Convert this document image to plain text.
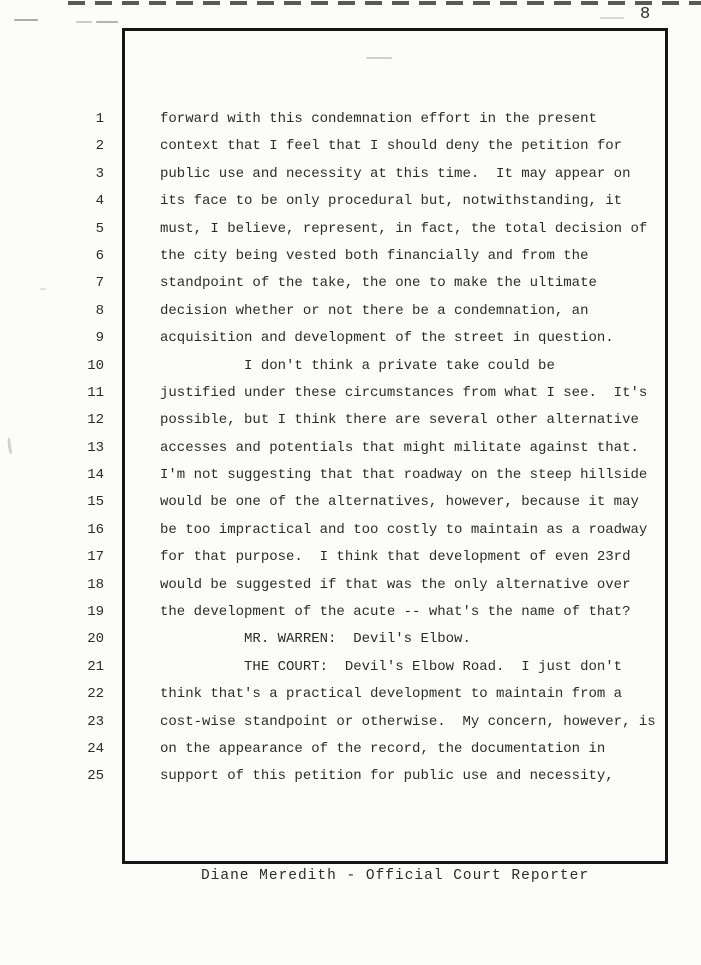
8
1	forward with this condemnation effort in the present
2	context that I feel that I should deny the petition for
3	public use and necessity at this time.  It may appear on
4	its face to be only procedural but, notwithstanding, it
5	must, I believe, represent, in fact, the total decision of
6	the city being vested both financially and from the
7	standpoint of the take, the one to make the ultimate
8	decision whether or not there be a condemnation, an
9	acquisition and development of the street in question.
10	I don't think a private take could be
11	justified under these circumstances from what I see.  It's
12	possible, but I think there are several other alternative
13	accesses and potentials that might militate against that.
14	I'm not suggesting that that roadway on the steep hillside
15	would be one of the alternatives, however, because it may
16	be too impractical and too costly to maintain as a roadway
17	for that purpose.  I think that development of even 23rd
18	would be suggested if that was the only alternative over
19	the development of the acute -- what's the name of that?
20	MR. WARREN:  Devil's Elbow.
21	THE COURT:  Devil's Elbow Road.  I just don't
22	think that's a practical development to maintain from a
23	cost-wise standpoint or otherwise.  My concern, however, is
24	on the appearance of the record, the documentation in
25	support of this petition for public use and necessity,
Diane Meredith - Official Court Reporter
